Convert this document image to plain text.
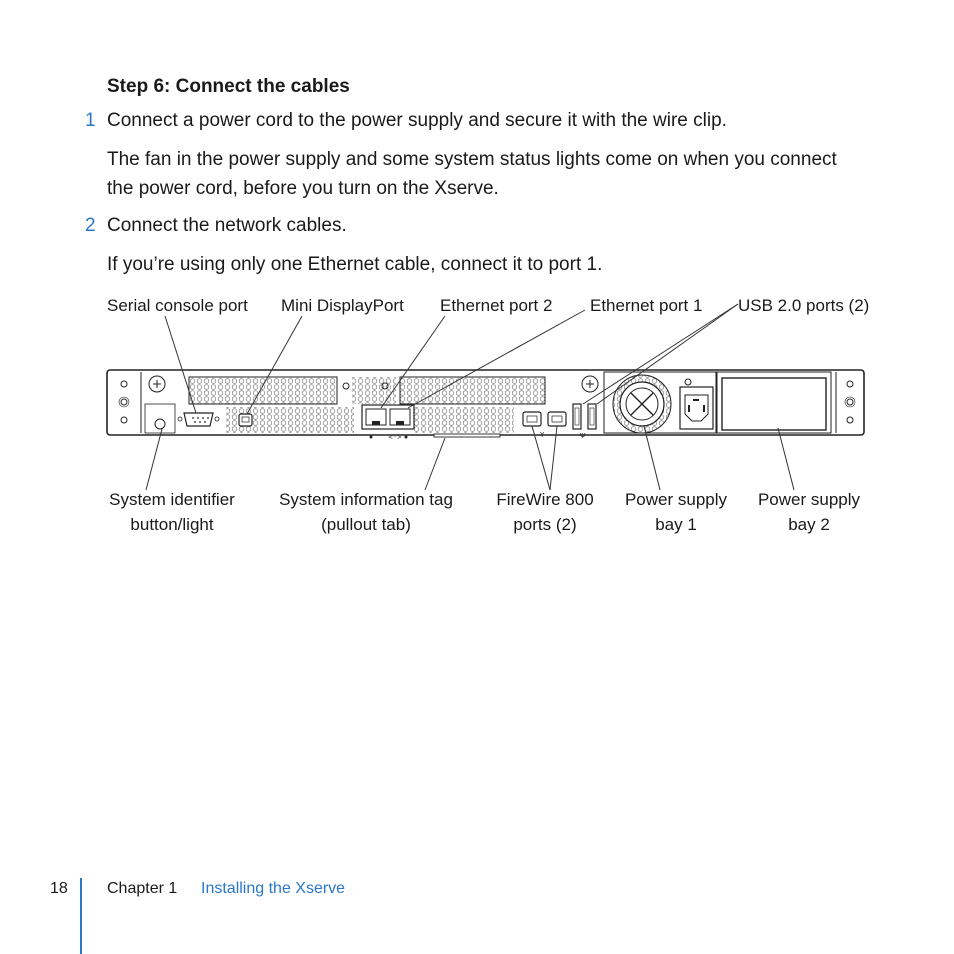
Step 6: Connect the cables
1 Connect a power cord to the power supply and secure it with the wire clip.
The fan in the power supply and some system status lights come on when you connect
the power cord, before you turn on the Xserve.
2 Connect the network cables.
If you’re using only one Ethernet cable, connect it to port 1.
Serial console port Mini DisplayPort Ethernet port 2 Ethernet port 1 USB 2.0 ports (2)
System identifier
button/light
System information tag
(pullout tab)
FireWire 800
ports (2)
Power supply
bay 1
Power supply
bay 2
<··>	Y	Ψ
18 Chapter 1 Installing the Xserve
